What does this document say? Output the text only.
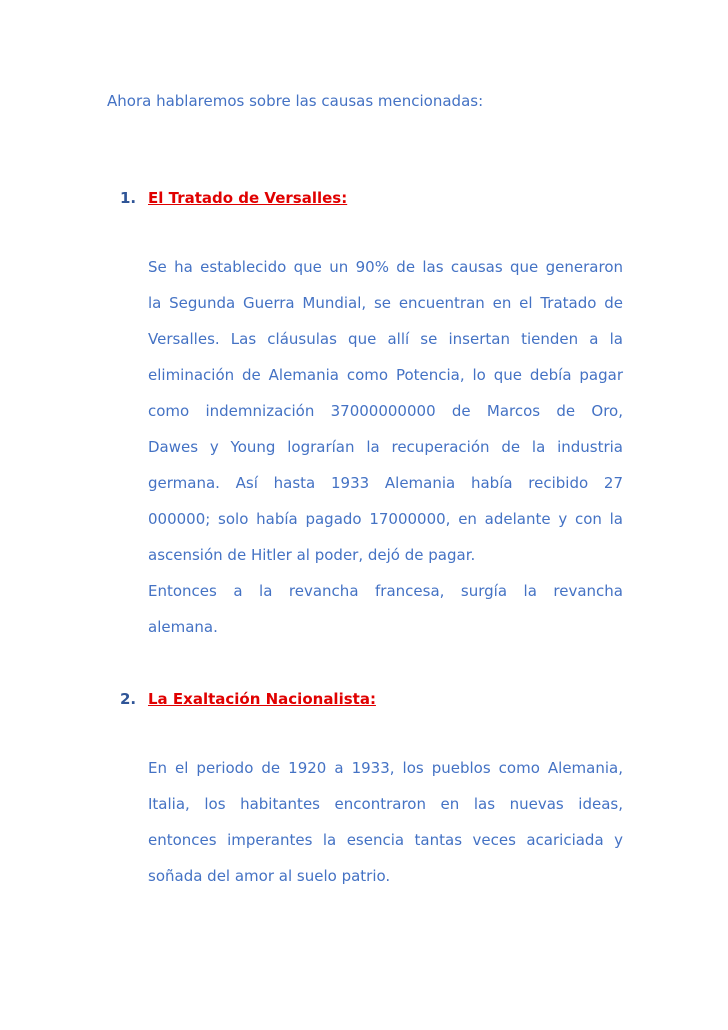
Ahora hablaremos sobre las causas mencionadas:

1. El Tratado de Versalles:
Se ha establecido que un 90% de las causas que generaron
la Segunda Guerra Mundial, se encuentran en el Tratado de
Versalles. Las cláusulas que allí se insertan tienden a la
eliminación de Alemania como Potencia, lo que debía pagar
como indemnización 37000000000 de Marcos de Oro,
Dawes y Young lograrían la recuperación de la industria
germana. Así hasta 1933 Alemania había recibido 27
000000; solo había pagado 17000000, en adelante y con la
ascensión de Hitler al poder, dejó de pagar.
Entonces a la revancha francesa, surgía la revancha
alemana.
2. La Exaltación Nacionalista:
En el periodo de 1920 a 1933, los pueblos como Alemania,
Italia, los habitantes encontraron en las nuevas ideas,
entonces imperantes la esencia tantas veces acariciada y
soñada del amor al suelo patrio.
